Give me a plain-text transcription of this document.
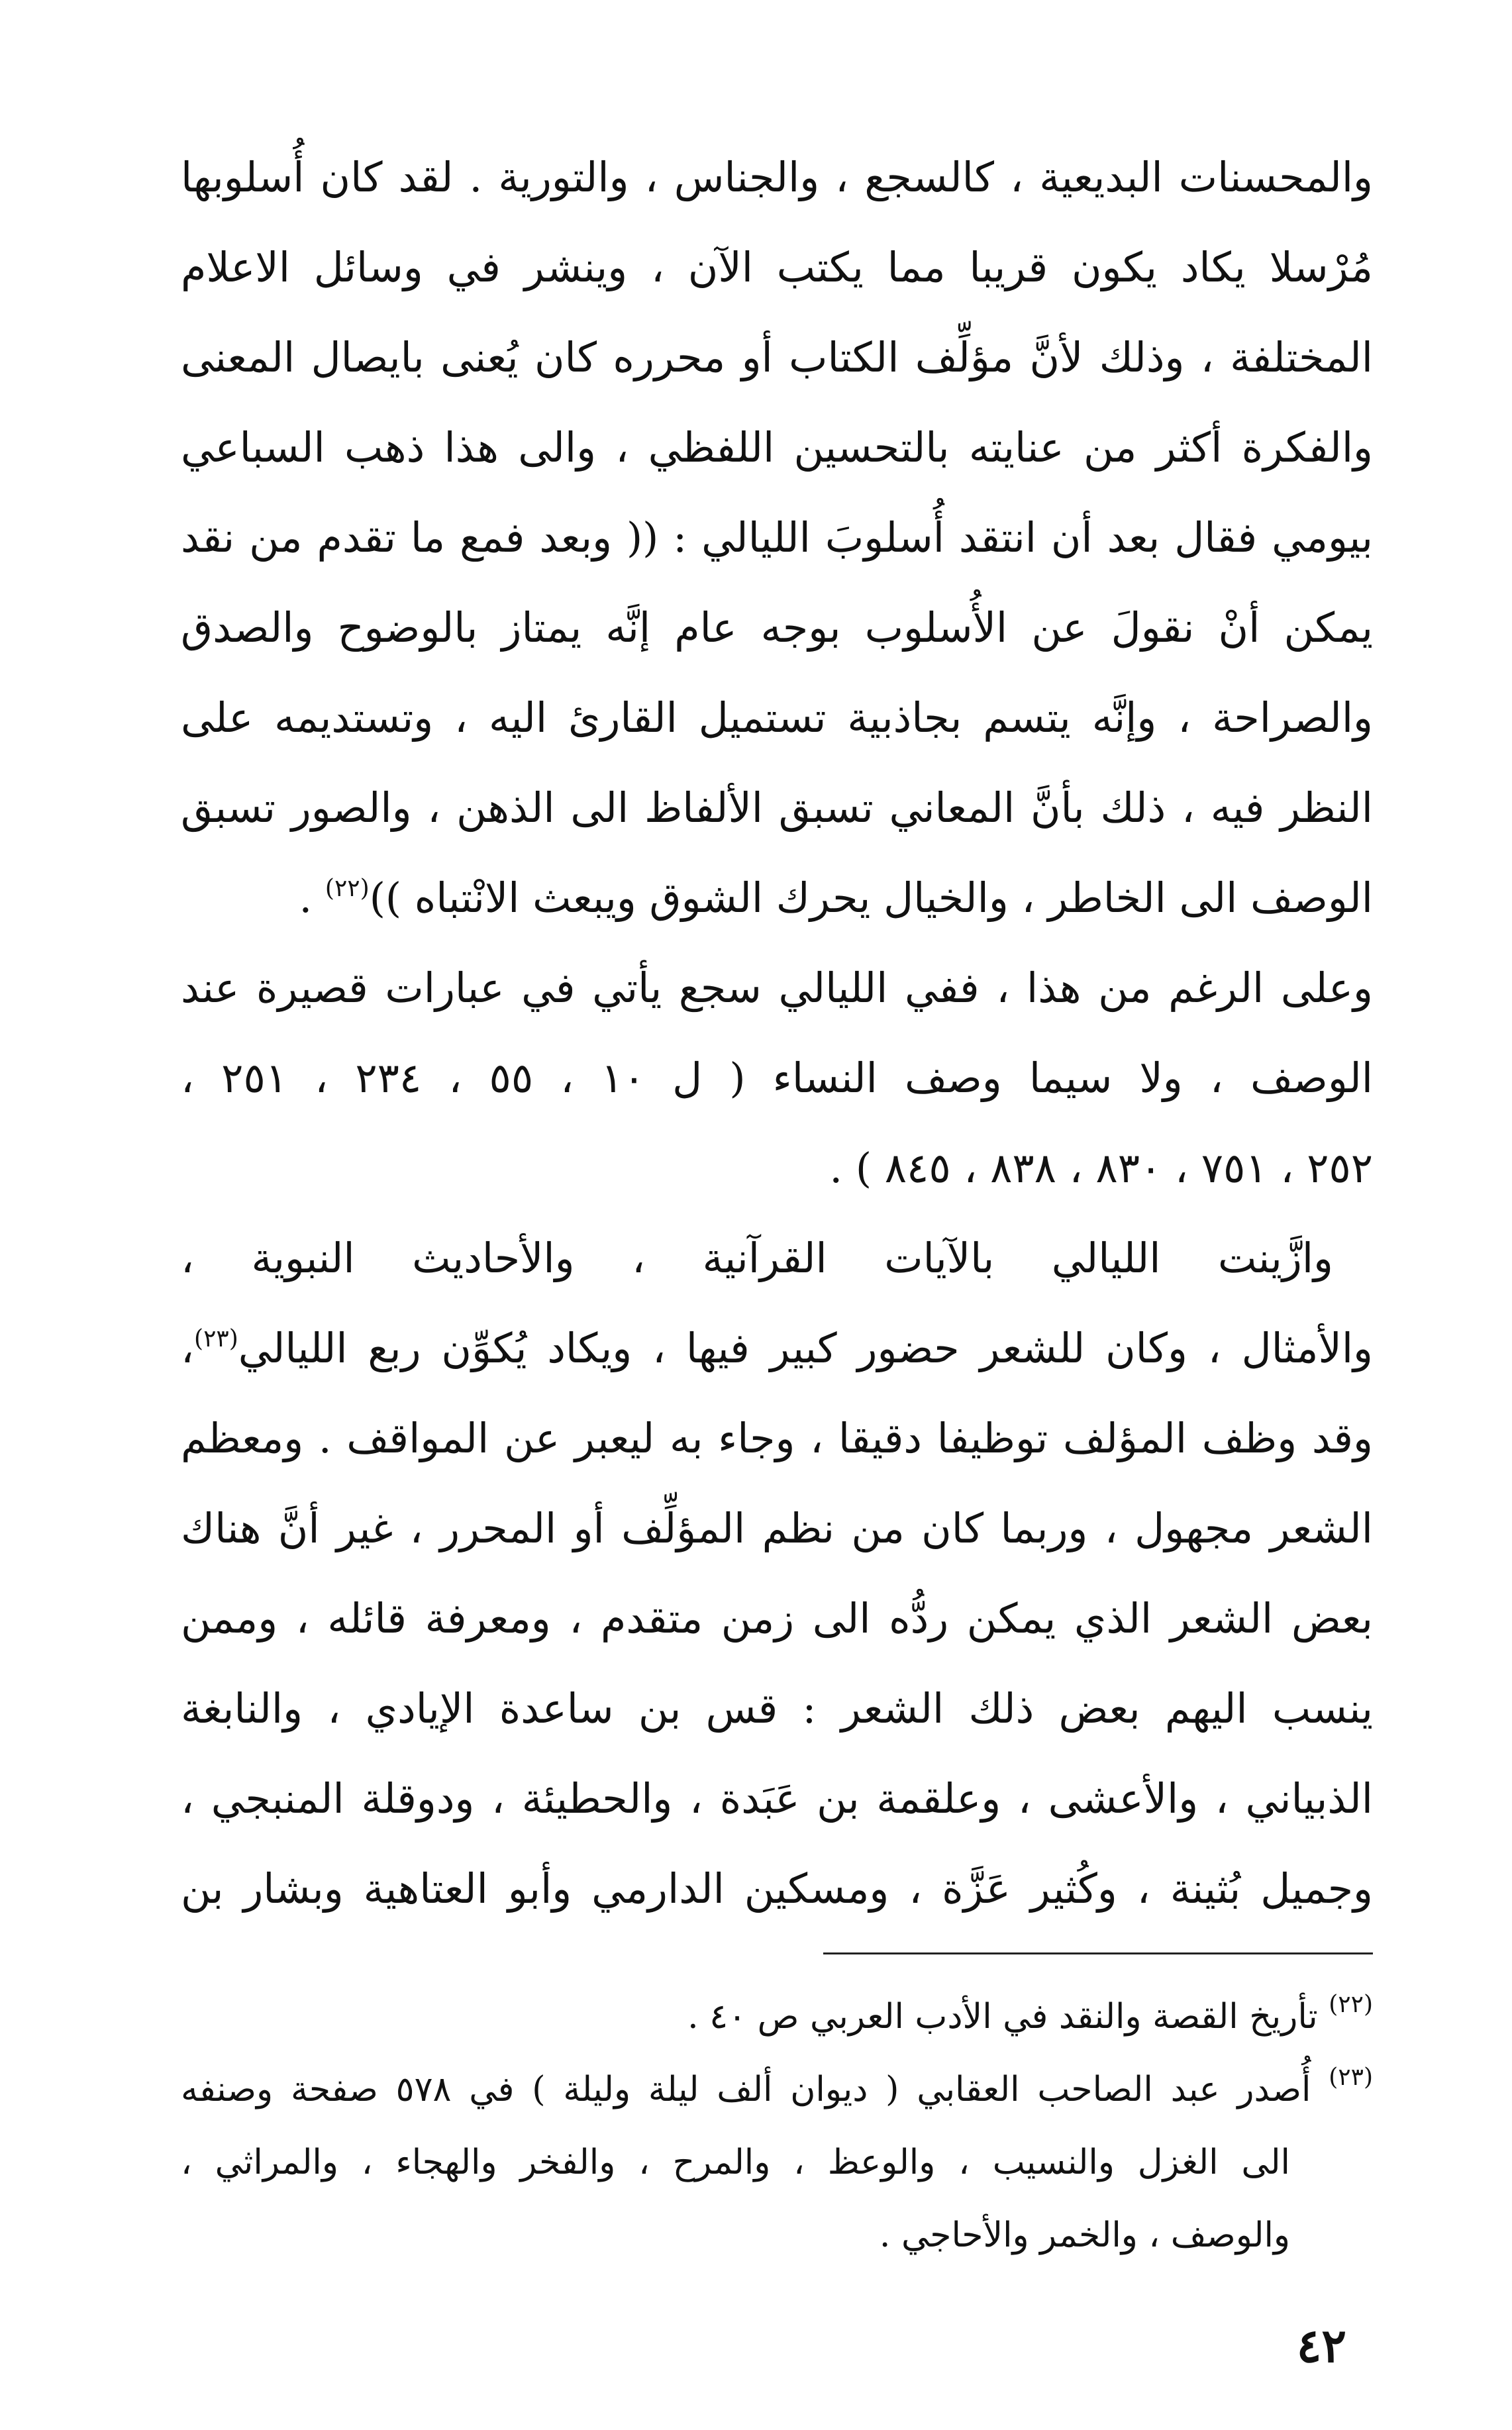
والمحسنات البديعية ، كالسجع ، والجناس ، والتورية . لقد كان أُسلوبها
مُرْسلا يكاد يكون قريبا مما يكتب الآن ، وينشر في وسائل الاعلام
المختلفة ، وذلك لأنَّ مؤلِّف الكتاب أو محرره كان يُعنى بايصال المعنى
والفكرة أكثر من عنايته بالتحسين اللفظي ، والى هذا ذهب السباعي
بيومي فقال بعد أن انتقد أُسلوبَ الليالي : (( وبعد فمع ما تقدم من نقد
يمكن أنْ نقولَ عن الأُسلوب بوجه عام إنَّه يمتاز بالوضوح والصدق
والصراحة ، وإنَّه يتسم بجاذبية تستميل القارئ اليه ، وتستديمه على
النظر فيه ، ذلك بأنَّ المعاني تسبق الألفاظ الى الذهن ، والصور تسبق
الوصف الى الخاطر ، والخيال يحرك الشوق ويبعث الانْتباه ))$^{(٢٢)}$ .

وعلى الرغم من هذا ، ففي الليالي سجع يأتي في عبارات قصيرة عند
الوصف ، ولا سيما وصف النساء ( ل ١٠ ، ٥٥ ، ٢٣٤ ، ٢٥١ ،
٢٥٢ ، ٧٥١ ، ٨٣٠ ، ٨٣٨ ، ٨٤٥ ) .

وازَّينت الليالي بالآيات القرآنية ، والأحاديث النبوية ،
والأمثال ، وكان للشعر حضور كبير فيها ، ويكاد يُكوِّن ربع الليالي$^{(٢٣)}$،
وقد وظف المؤلف توظيفا دقيقا ، وجاء به ليعبر عن المواقف . ومعظم
الشعر مجهول ، وربما كان من نظم المؤلِّف أو المحرر ، غير أنَّ هناك
بعض الشعر الذي يمكن ردُّه الى زمن متقدم ، ومعرفة قائله ، وممن
ينسب اليهم بعض ذلك الشعر : قس بن ساعدة الإيادي ، والنابغة
الذبياني ، والأعشى ، وعلقمة بن عَبَدة ، والحطيئة ، ودوقلة المنبجي ،
وجميل بُثينة ، وكُثير عَزَّة ، ومسكين الدارمي وأبو العتاهية وبشار بن

$^{(٢٢)}$ تأريخ القصة والنقد في الأدب العربي ص ٤٠ .
$^{(٢٣)}$ أُصدر عبد الصاحب العقابي ( ديوان ألف ليلة وليلة ) في ٥٧٨ صفحة وصنفه
الى الغزل والنسيب ، والوعظ ، والمرح ، والفخر والهجاء ، والمراثي ،
والوصف ، والخمر والأحاجي .
٤٢
